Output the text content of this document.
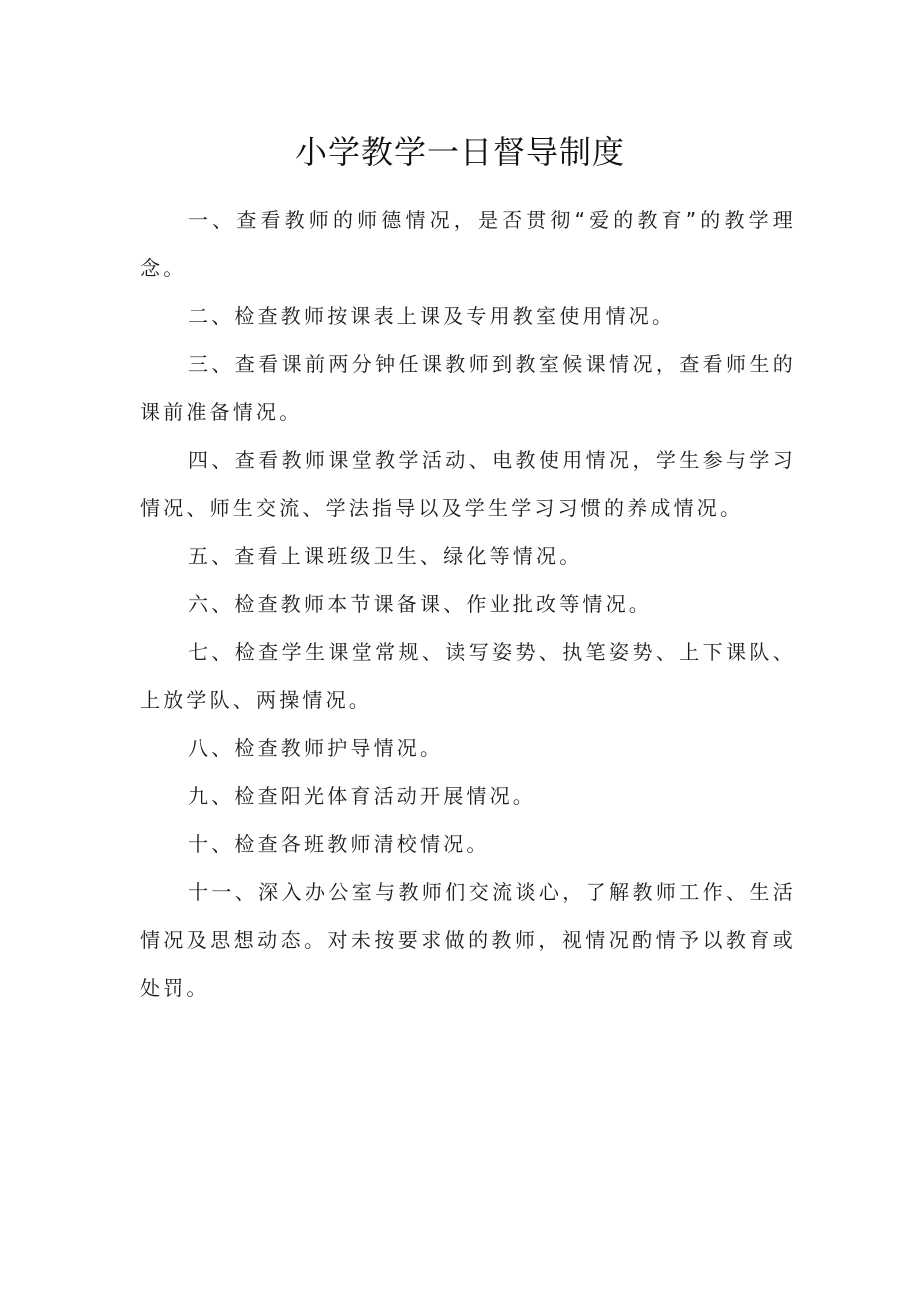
小学教学一日督导制度

一、查看教师的师德情况，是否贯彻“爱的教育”的教学理念。

二、检查教师按课表上课及专用教室使用情况。

三、查看课前两分钟任课教师到教室候课情况，查看师生的课前准备情况。

四、查看教师课堂教学活动、电教使用情况，学生参与学习情况、师生交流、学法指导以及学生学习习惯的养成情况。

五、查看上课班级卫生、绿化等情况。

六、检查教师本节课备课、作业批改等情况。

七、检查学生课堂常规、读写姿势、执笔姿势、上下课队、上放学队、两操情况。

八、检查教师护导情况。

九、检查阳光体育活动开展情况。

十、检查各班教师清校情况。

十一、深入办公室与教师们交流谈心，了解教师工作、生活情况及思想动态。对未按要求做的教师，视情况酌情予以教育或处罚。
